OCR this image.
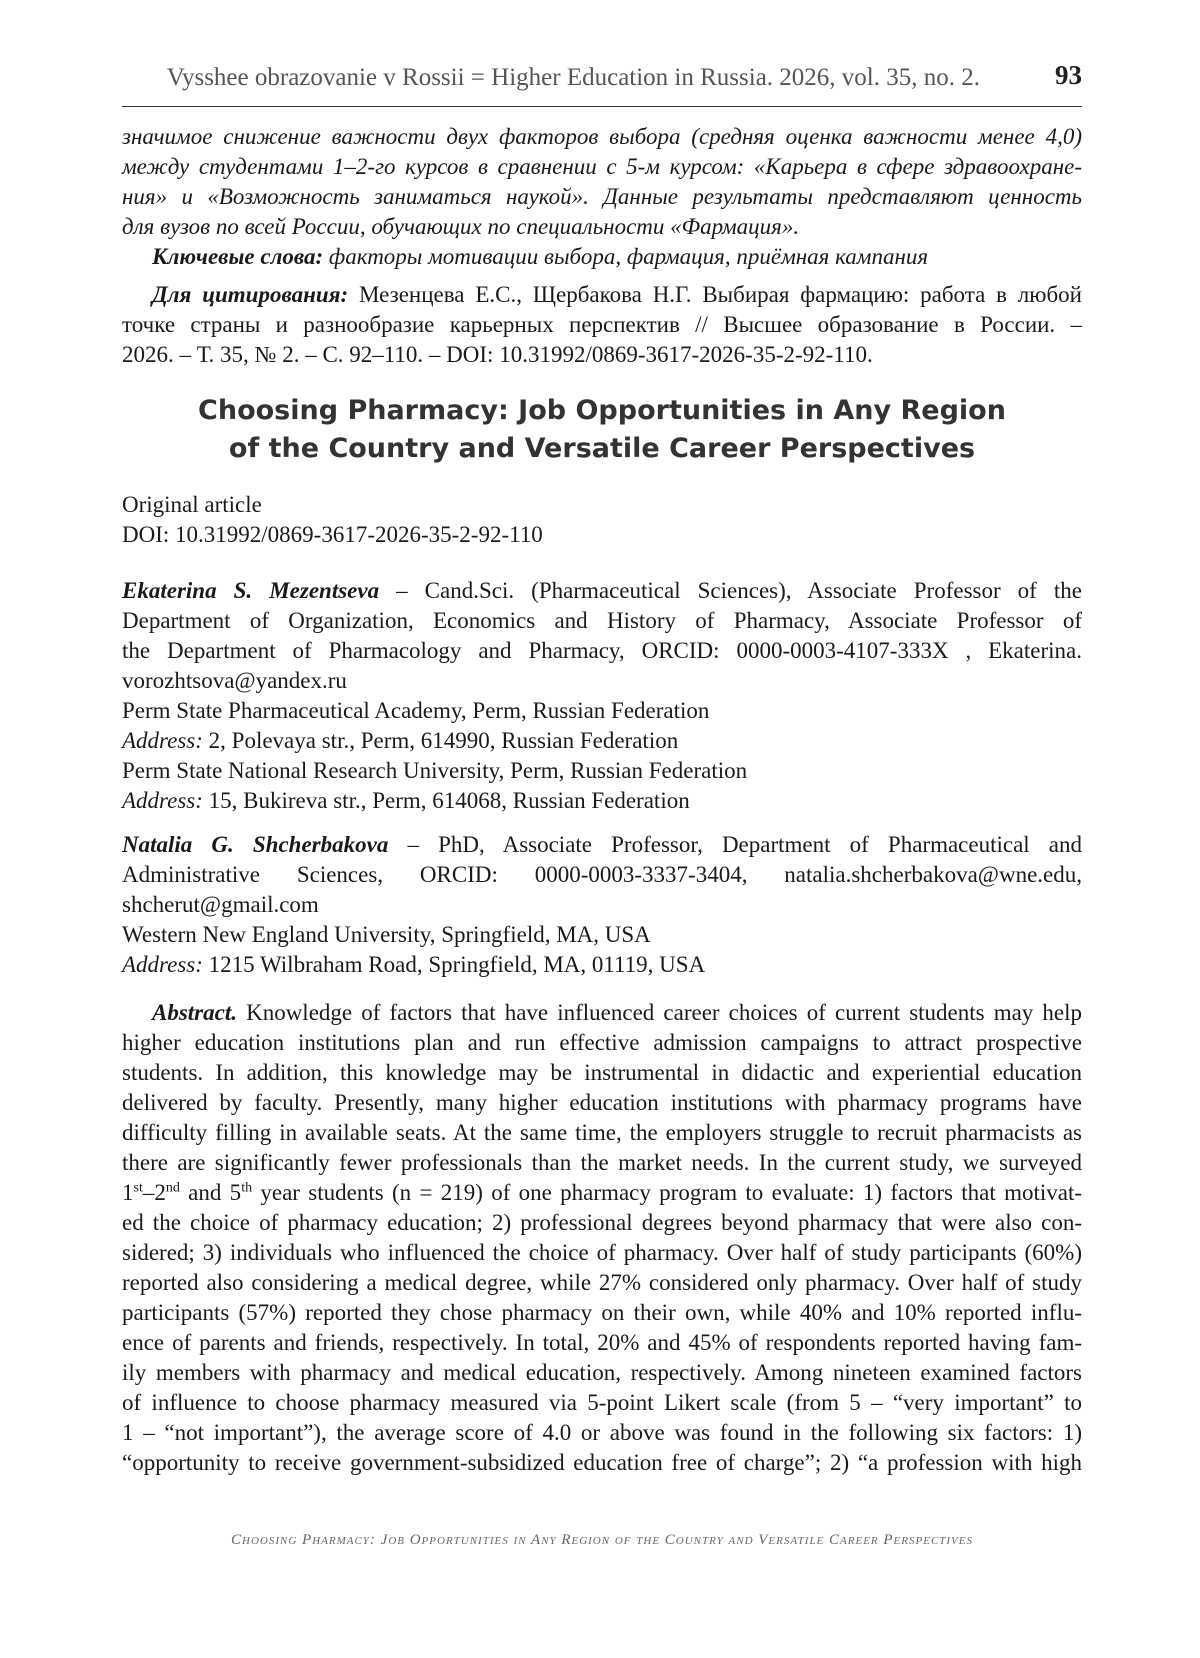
Vysshee obrazovanie v Rossii = Higher Education in Russia. 2026, vol. 35, no. 2.	93
значимое снижение важности двух факторов выбора (средняя оценка важности менее 4,0)
между студентами 1–2-го курсов в сравнении с 5-м курсом: «Карьера в сфере здравоохране-
ния» и «Возможность заниматься наукой». Данные результаты представляют ценность
для вузов по всей России, обучающих по специальности «Фармация».
Ключевые слова: факторы мотивации выбора, фармация, приёмная кампания
Для цитирования: Мезенцева Е.С., Щербакова Н.Г. Выбирая фармацию: работа в любой
точке страны и разнообразие карьерных перспектив // Высшее образование в России. –
2026. – Т. 35, № 2. – С. 92–110. – DOI: 10.31992/0869-3617-2026-35-2-92-110.
Choosing Pharmacy: Job Opportunities in Any Region
of the Country and Versatile Career Perspectives
Original article
DOI: 10.31992/0869-3617-2026-35-2-92-110
Ekaterina S. Mezentseva – Cand.Sci. (Pharmaceutical Sciences), Associate Professor of the
Department of Organization, Economics and History of Pharmacy, Associate Professor of
the Department of Pharmacology and Pharmacy, ORCID: 0000-0003-4107-333X , Ekaterina.
vorozhtsova@yandex.ru
Perm State Pharmaceutical Academy, Perm, Russian Federation
Address: 2, Polevaya str., Perm, 614990, Russian Federation
Perm State National Research University, Perm, Russian Federation
Address: 15, Bukireva str., Perm, 614068, Russian Federation
Natalia G. Shcherbakova – PhD, Associate Professor, Department of Pharmaceutical and
Administrative Sciences, ORCID: 0000-0003-3337-3404, natalia.shcherbakova@wne.edu,
shcherut@gmail.com
Western New England University, Springfield, MA, USA
Address: 1215 Wilbraham Road, Springfield, MA, 01119, USA
Abstract. Knowledge of factors that have influenced career choices of current students may help
higher education institutions plan and run effective admission campaigns to attract prospective
students. In addition, this knowledge may be instrumental in didactic and experiential education
delivered by faculty. Presently, many higher education institutions with pharmacy programs have
difficulty filling in available seats. At the same time, the employers struggle to recruit pharmacists as
there are significantly fewer professionals than the market needs. In the current study, we surveyed
1st–2nd and 5th year students (n = 219) of one pharmacy program to evaluate: 1) factors that motivat-
ed the choice of pharmacy education; 2) professional degrees beyond pharmacy that were also con-
sidered; 3) individuals who influenced the choice of pharmacy. Over half of study participants (60%)
reported also considering a medical degree, while 27% considered only pharmacy. Over half of study
participants (57%) reported they chose pharmacy on their own, while 40% and 10% reported influ-
ence of parents and friends, respectively. In total, 20% and 45% of respondents reported having fam-
ily members with pharmacy and medical education, respectively. Among nineteen examined factors
of influence to choose pharmacy measured via 5-point Likert scale (from 5 – “very important” to
1 – “not important”), the average score of 4.0 or above was found in the following six factors: 1)
“opportunity to receive government-subsidized education free of charge”; 2) “a profession with high
Choosing Pharmacy: Job Opportunities in Any Region of the Country and Versatile Career Perspectives
